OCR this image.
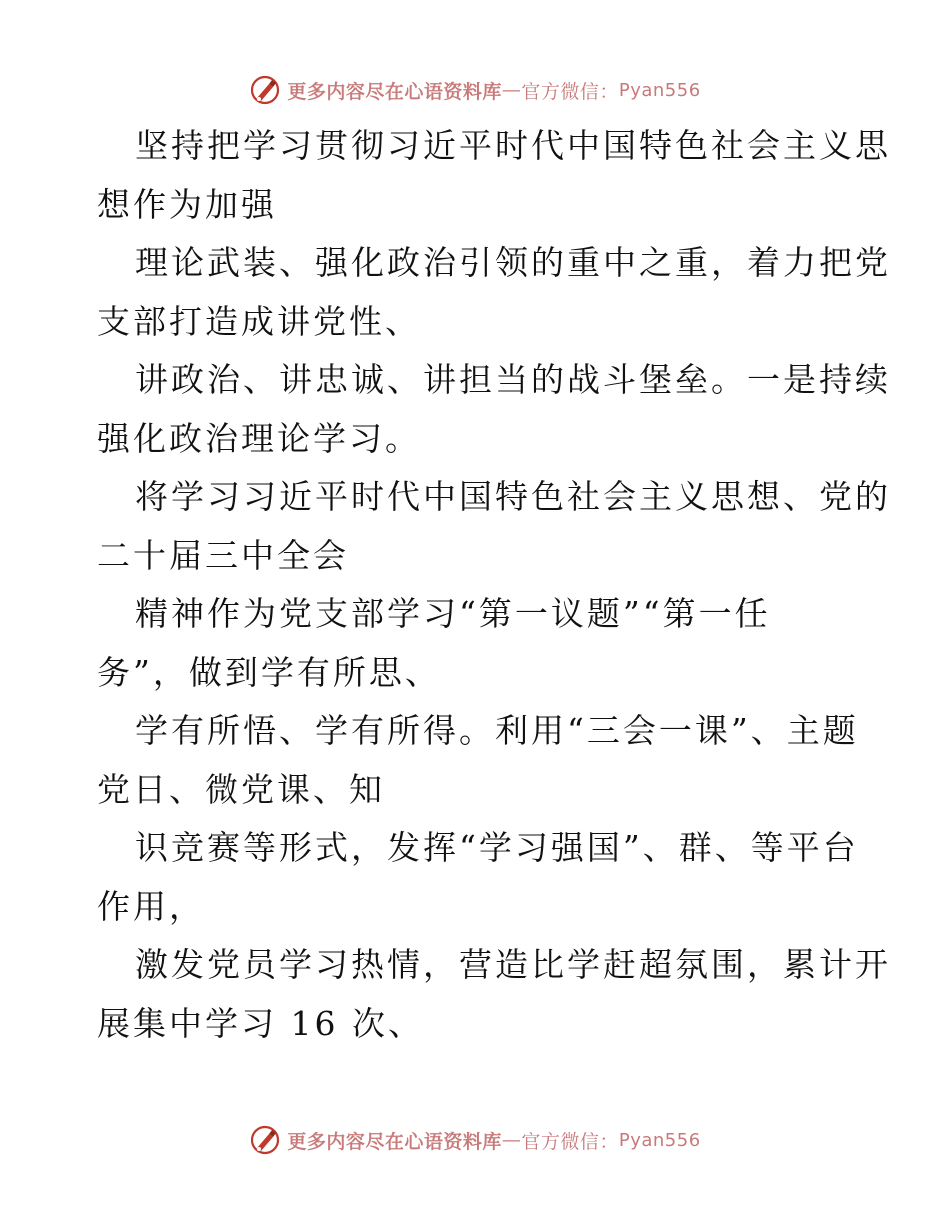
更多内容尽在心语资料库 — 官方微信： Pyan556
坚持把学习贯彻习近平时代中国特色社会主义思
想作为加强
理论武装、强化政治引领的重中之重，着力把党
支部打造成讲党性、
讲政治、讲忠诚、讲担当的战斗堡垒。一是持续
强化政治理论学习。
将学习习近平时代中国特色社会主义思想、党的
二十届三中全会
精神作为党支部学习“第一议题”“第一任
务”，做到学有所思、
学有所悟、学有所得。利用“三会一课”、主题
党日、微党课、知
识竞赛等形式，发挥“学习强国”、群、等平台
作用，
激发党员学习热情，营造比学赶超氛围，累计开
展集中学习 16 次、
更多内容尽在心语资料库 — 官方微信： Pyan556
